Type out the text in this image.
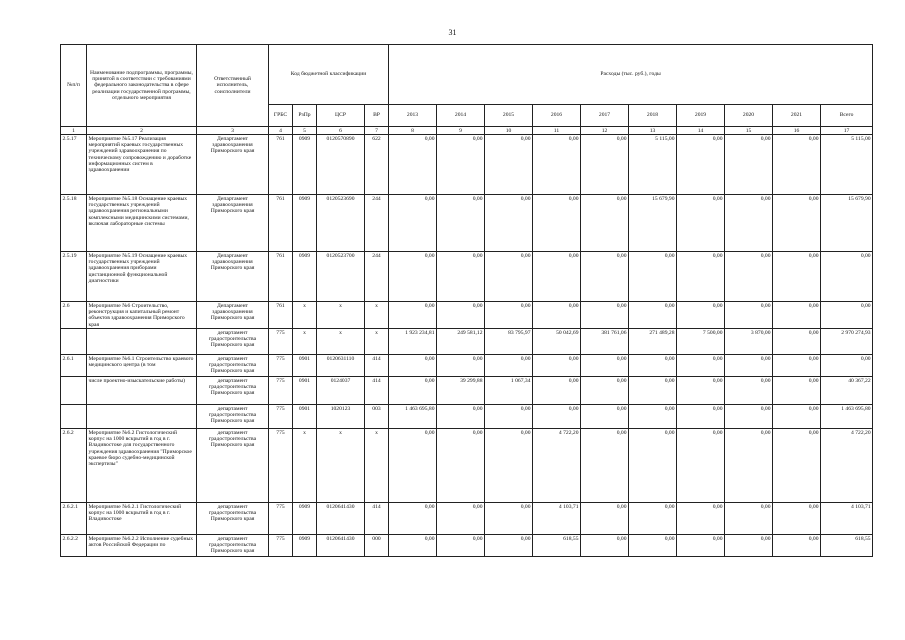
31
№п/п	Наименование подпрограммы, программы, принятой в соответствии с требованиями федерального законодательства в сфере реализации государственной программы, отдельного мероприятия	Ответственный исполнитель, соисполнители	Код бюджетной классификации				Расходы (тыс. руб.), годы									
			ГРБС	РзПр	ЦСР	ВР	2013	2014	2015	2016	2017	2018	2019	2020	2021	Всего
1	2	3	4	5	6	7	8	9	10	11	12	13	14	15	16	17
2.5.17	Мероприятие №5.17 Реализация мероприятий краевых государственных учреждений здравоохранения по техническому сопровождению и доработке информационных систем в здравоохранении	Департамент здравоохранения Приморского края	761	0909	0120570890	622	0,00	0,00	0,00	0,00	0,00	5 115,00	0,00	0,00	0,00	5 115,00
2.5.18	Мероприятие №5.18 Оснащение краевых государственных учреждений здравоохранения региональными комплексными медицинскими системами, включая лабораторные системы	Департамент здравоохранения Приморского края	761	0909	0120523690	244	0,00	0,00	0,00	0,00	0,00	15 679,90	0,00	0,00	0,00	15 679,90
2.5.19	Мероприятие №5.19 Оснащение краевых государственных учреждений здравоохранения приборами цистанционной функциональной диагностики	Департамент здравоохранения Приморского края	761	0909	0120523700	244	0,00	0,00	0,00	0,00	0,00	0,00	0,00	0,00	0,00	0,00
2.6	Мероприятие №6 Строительство, реконструкция и капитальный ремонт объектов здравоохранения Приморского края	Департамент здравоохранения Приморского края	761	x	x	x	0,00	0,00	0,00	0,00	0,00	0,00	0,00	0,00	0,00	0,00
		департамент градостроительства Приморского края	775	x	x	x	1 923 234,81	249 581,12	83 795,97	50 042,69	381 761,06	271 489,28	7 500,00	3 870,00	0,00	2 970 274,93
2.6.1	Мероприятие №6.1 Строительство краевого медицинского центра (в том	департамент градостроительства Приморского края	775	0901	0120631110	414	0,00	0,00	0,00	0,00	0,00	0,00	0,00	0,00	0,00	0,00
	числе проектно-изыскательские работы)	департамент градостроительства Приморского края	775	0901	0124037	414	0,00	39 299,88	1 067,34	0,00	0,00	0,00	0,00	0,00	0,00	40 367,22
		департамент градостроительства Приморского края	775	0901	1020123	003	1 463 695,80	0,00	0,00	0,00	0,00	0,00	0,00	0,00	0,00	1 463 695,80
2.6.2	Мероприятие №6.2 Гистологический корпус на 1000 вскрытий в год в г. Владивостоке для государственного учреждения здравоохранения "Приморское краевое бюро судебно-медицинской экспертизы"	департамент градостроительства Приморского края	775	x	x	x	0,00	0,00	0,00	4 722,20	0,00	0,00	0,00	0,00	0,00	4 722,20
2.6.2.1	Мероприятие №6.2.1 Гистологический корпус на 1000 вскрытий в год в г. Владивостоке	департамент градостроительства Приморского края	775	0909	0120641430	414	0,00	0,00	0,00	4 103,71	0,00	0,00	0,00	0,00	0,00	4 103,71
2.6.2.2	Мероприятие №6.2.2 Исполнение судебных актов Российской Федерации по	департамент градостроительства Приморского края	775	0909	0120641430	000	0,00	0,00	0,00	618,55	0,00	0,00	0,00	0,00	0,00	618,55
